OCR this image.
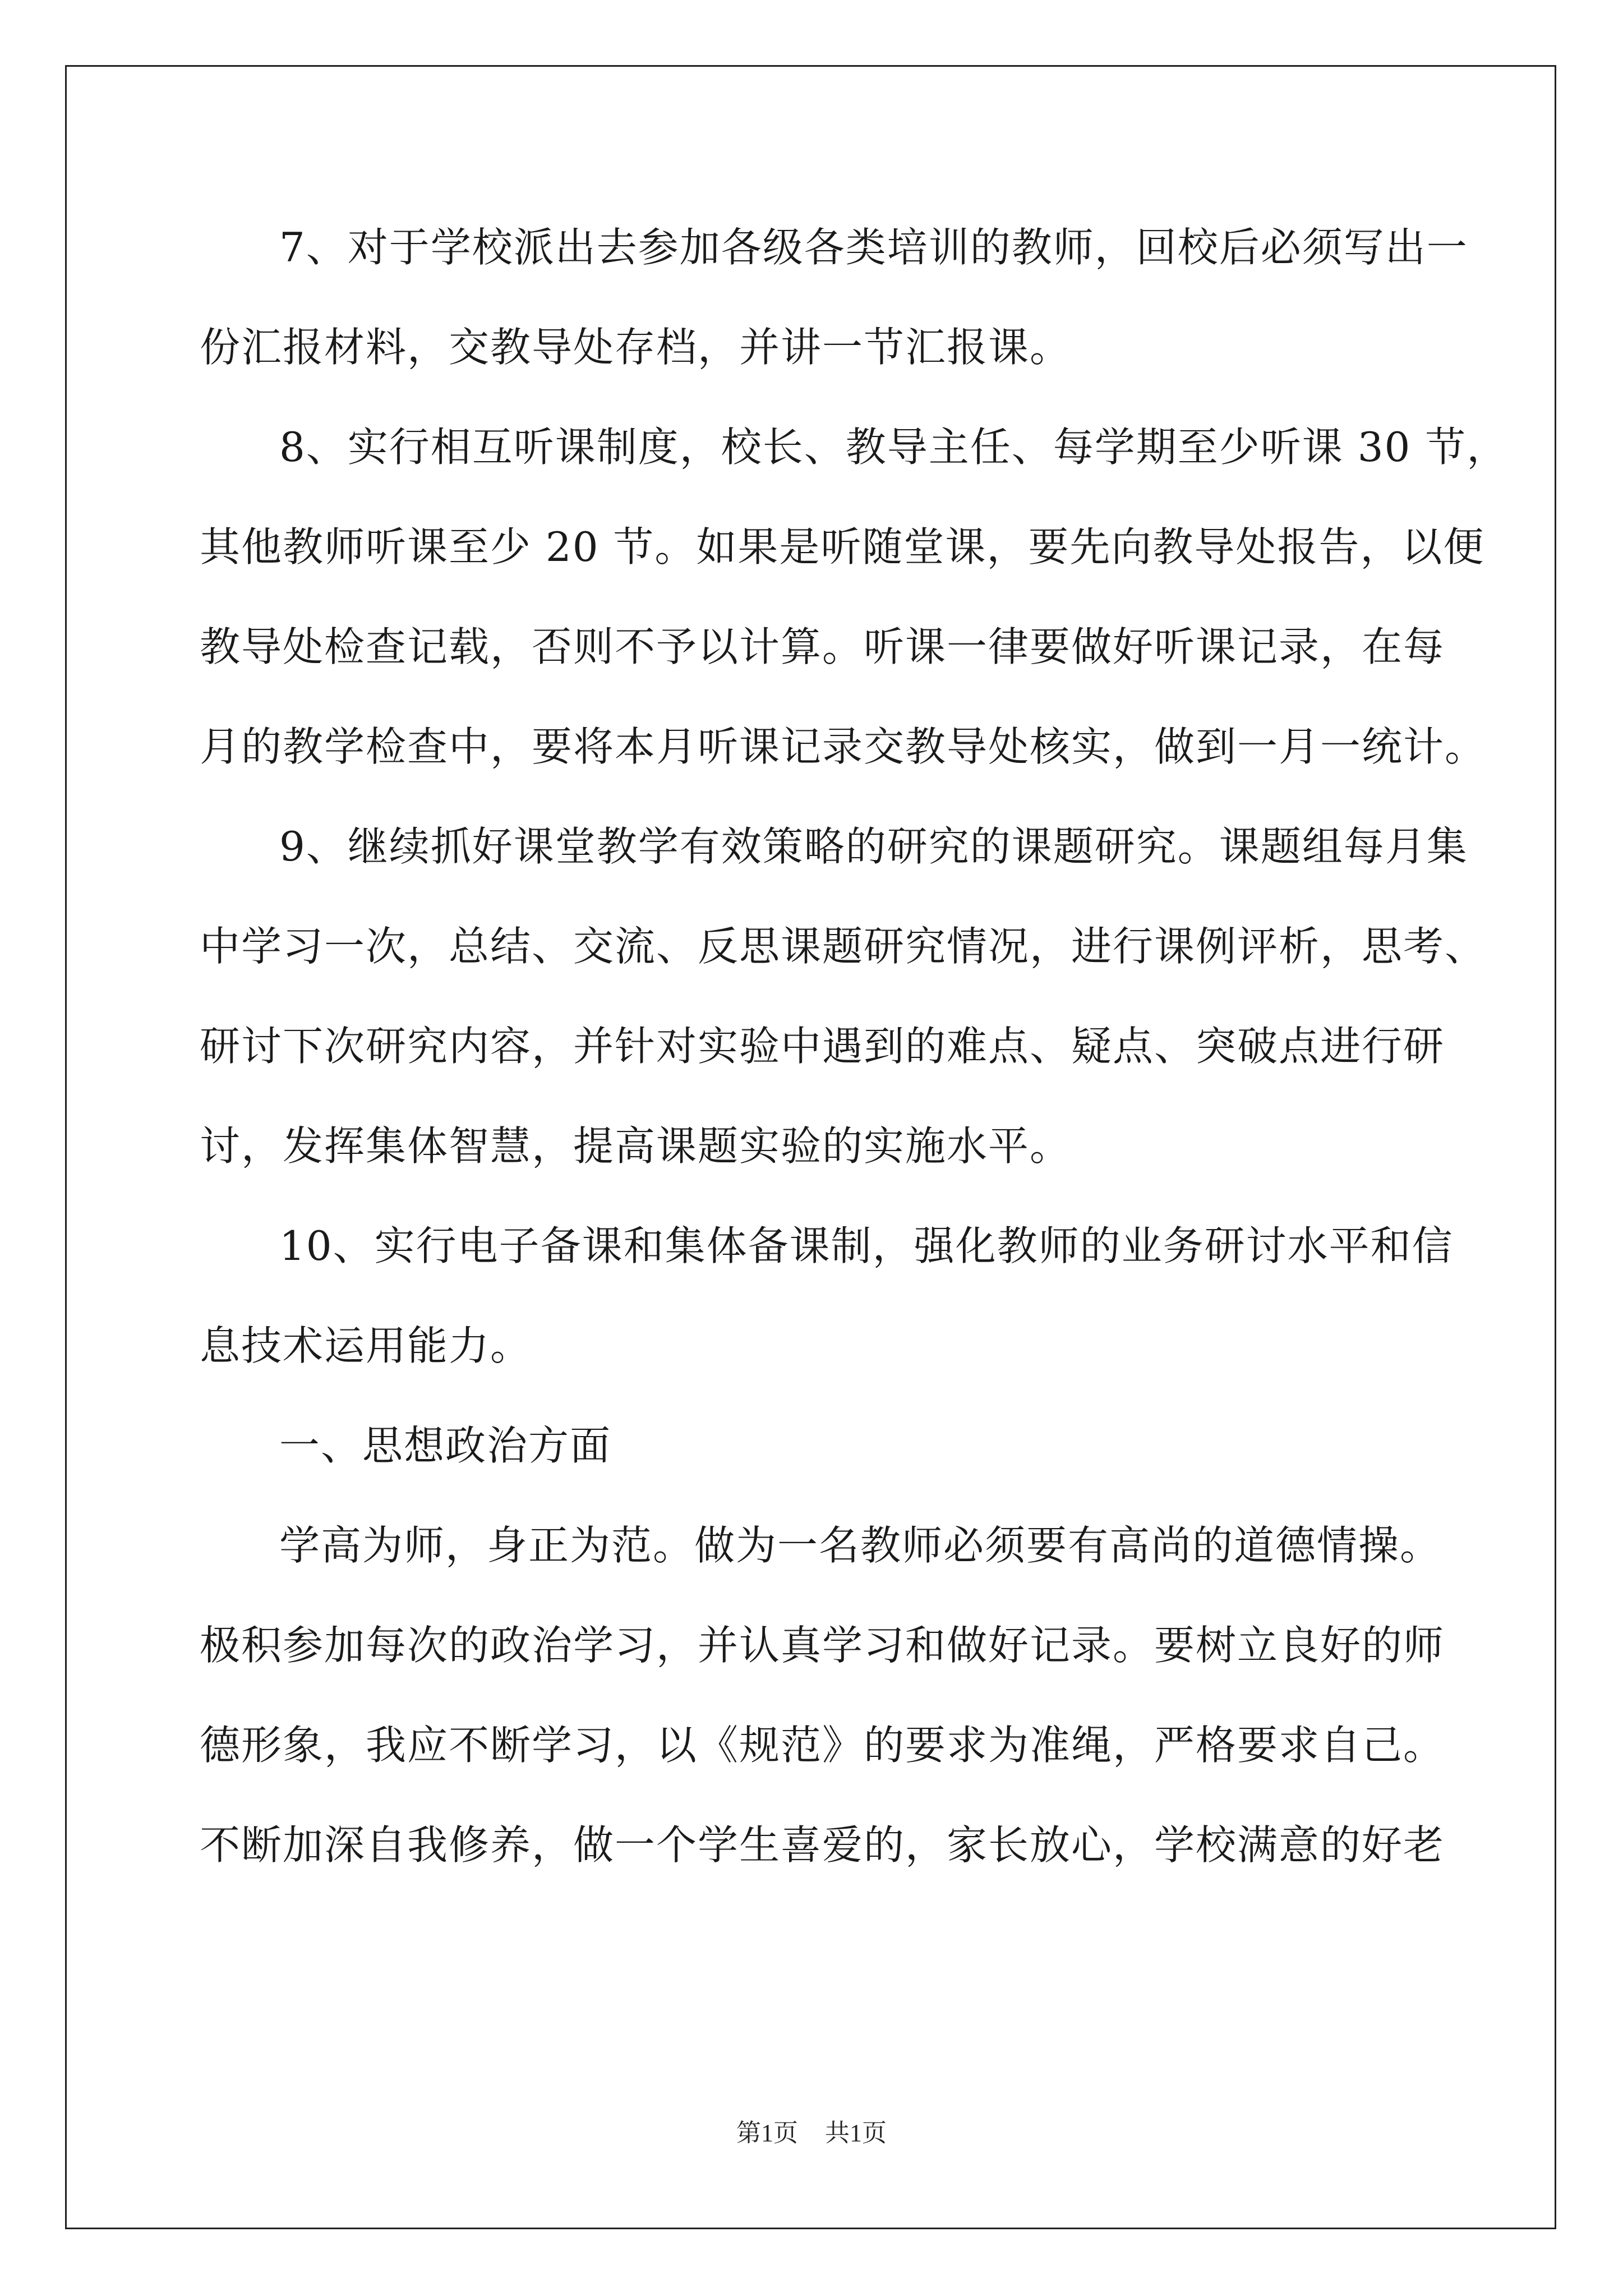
7、对于学校派出去参加各级各类培训的教师，回校后必须写出一
份汇报材料，交教导处存档，并讲一节汇报课。
8、实行相互听课制度，校长、教导主任、每学期至少听课 30 节，
其他教师听课至少 20 节。如果是听随堂课，要先向教导处报告，以便
教导处检查记载，否则不予以计算。听课一律要做好听课记录，在每
月的教学检查中，要将本月听课记录交教导处核实，做到一月一统计。
9、继续抓好课堂教学有效策略的研究的课题研究。课题组每月集
中学习一次，总结、交流、反思课题研究情况，进行课例评析，思考、
研讨下次研究内容，并针对实验中遇到的难点、疑点、突破点进行研
讨，发挥集体智慧，提高课题实验的实施水平。
10、实行电子备课和集体备课制，强化教师的业务研讨水平和信
息技术运用能力。
一、思想政治方面
学高为师，身正为范。做为一名教师必须要有高尚的道德情操。
极积参加每次的政治学习，并认真学习和做好记录。要树立良好的师
德形象，我应不断学习，以《规范》的要求为准绳，严格要求自己。
不断加深自我修养，做一个学生喜爱的，家长放心，学校满意的好老
第1页 共1页
